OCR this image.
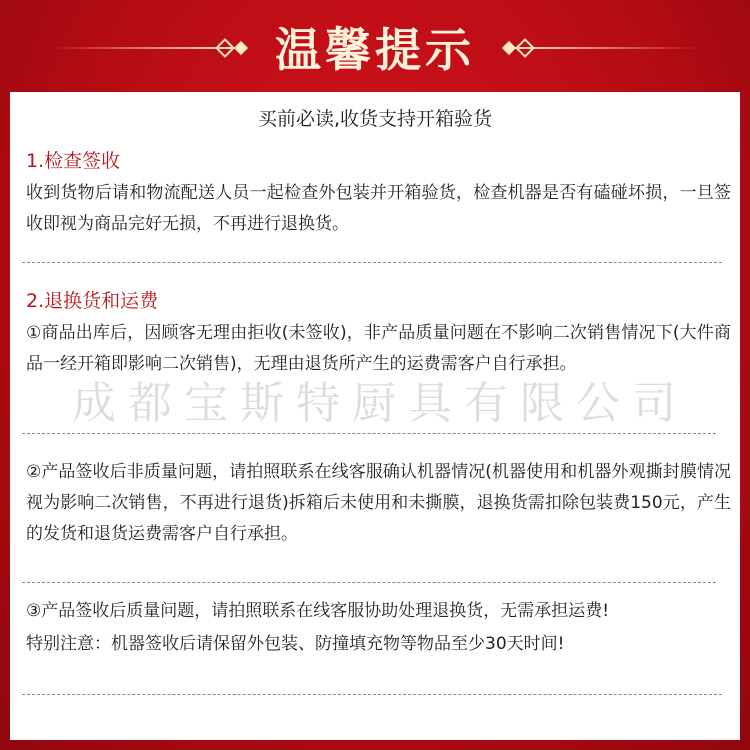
温馨提示
买前必读,收货支持开箱验货
1.检查签收
收到货物后请和物流配送人员一起检查外包装并开箱验货，检查机器是否有磕碰坏损，一旦签收即视为商品完好无损，不再进行退换货。
2.退换货和运费
①商品出库后，因顾客无理由拒收(未签收)，非产品质量问题在不影响二次销售情况下(大件商品一经开箱即影响二次销售)，无理由退货所产生的运费需客户自行承担。
②产品签收后非质量问题，请拍照联系在线客服确认机器情况(机器使用和机器外观撕封膜情况视为影响二次销售，不再进行退货)拆箱后未使用和未撕膜，退换货需扣除包装费150元，产生的发货和退货运费需客户自行承担。
③产品签收后质量问题，请拍照联系在线客服协助处理退换货，无需承担运费!
特别注意：机器签收后请保留外包装、防撞填充物等物品至少30天时间!
成都宝斯特厨具有限公司
